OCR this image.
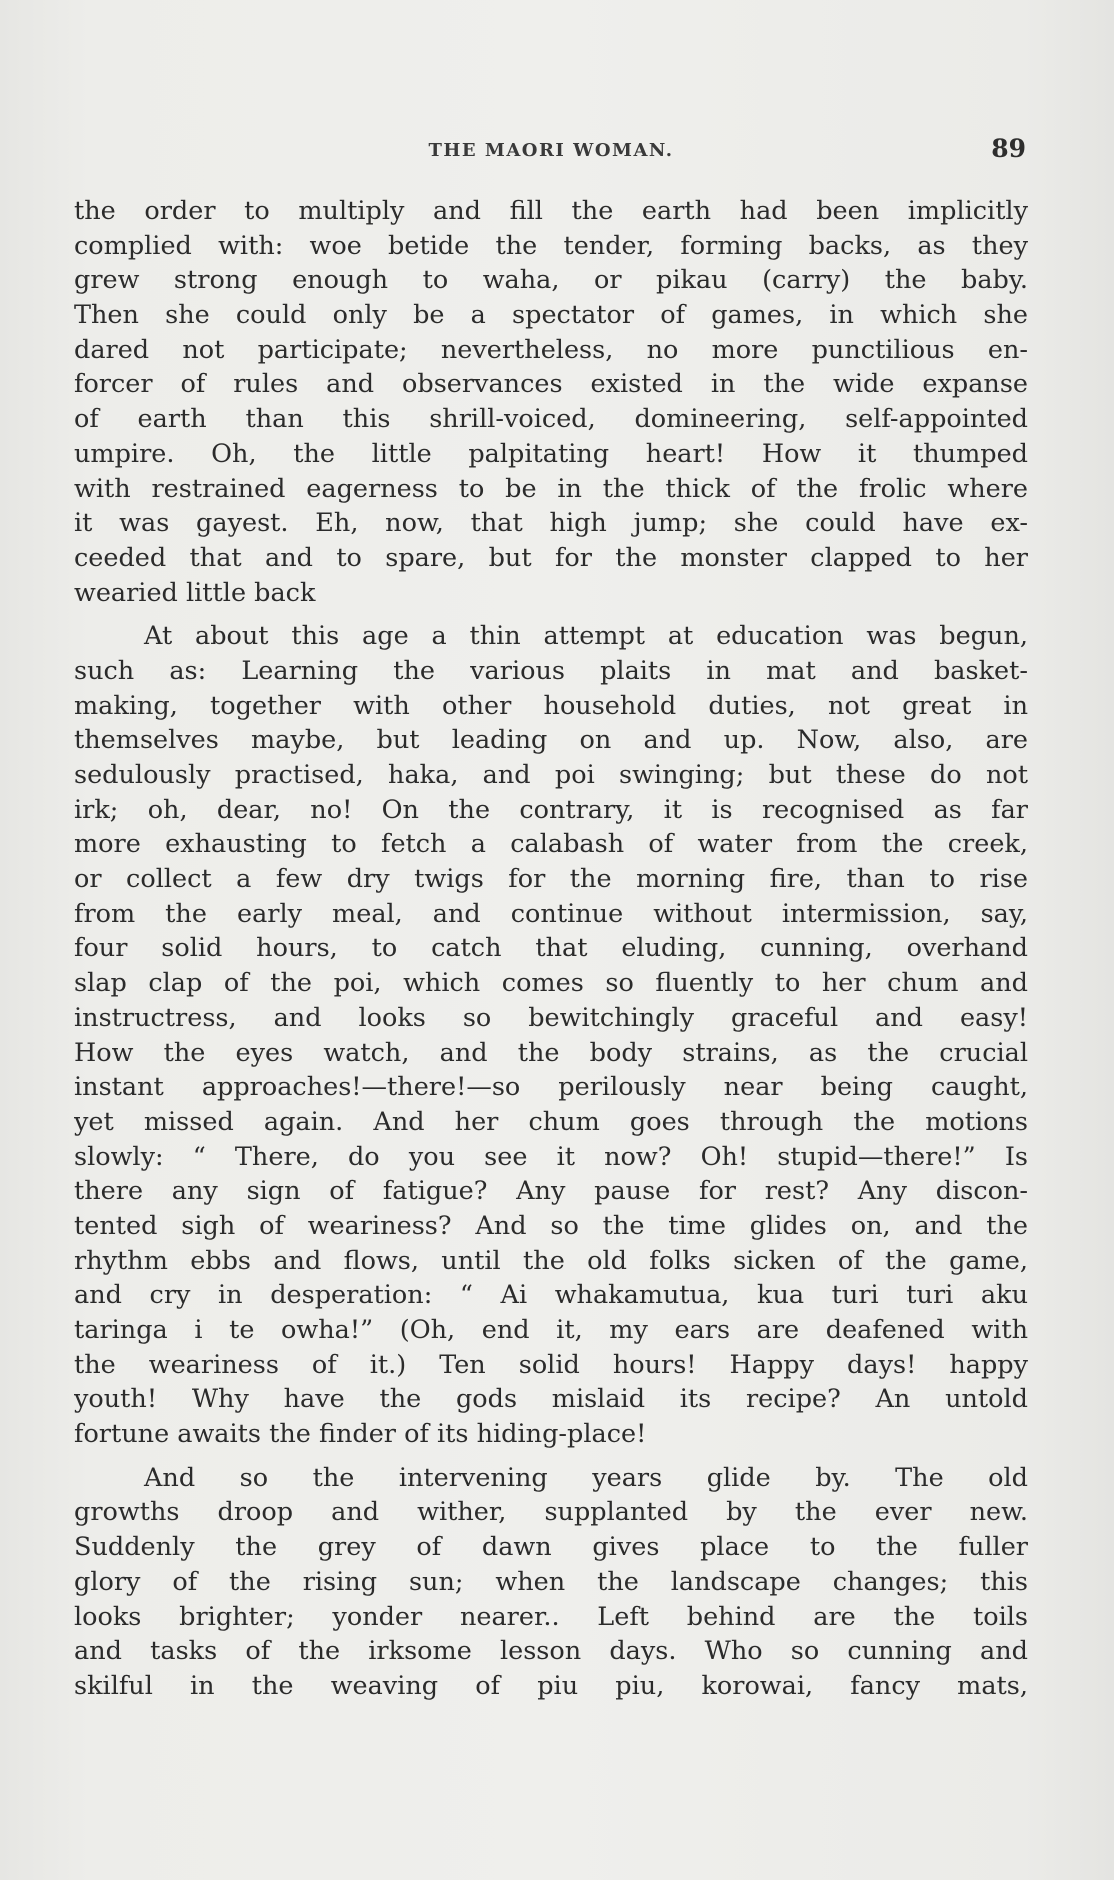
THE MAORI WOMAN.	89
the order to multiply and fill the earth had been implicitly
complied with: woe betide the tender, forming backs, as they
grew strong enough to waha, or pikau (carry) the baby.
Then she could only be a spectator of games, in which she
dared not participate; nevertheless, no more punctilious en-
forcer of rules and observances existed in the wide expanse
of earth than this shrill-voiced, domineering, self-appointed
umpire. Oh, the little palpitating heart! How it thumped
with restrained eagerness to be in the thick of the frolic where
it was gayest. Eh, now, that high jump; she could have ex-
ceeded that and to spare, but for the monster clapped to her
wearied little back
At about this age a thin attempt at education was begun,
such as: Learning the various plaits in mat and basket-
making, together with other household duties, not great in
themselves maybe, but leading on and up. Now, also, are
sedulously practised, haka, and poi swinging; but these do not
irk; oh, dear, no! On the contrary, it is recognised as far
more exhausting to fetch a calabash of water from the creek,
or collect a few dry twigs for the morning fire, than to rise
from the early meal, and continue without intermission, say,
four solid hours, to catch that eluding, cunning, overhand
slap clap of the poi, which comes so fluently to her chum and
instructress, and looks so bewitchingly graceful and easy!
How the eyes watch, and the body strains, as the crucial
instant approaches!—there!—so perilously near being caught,
yet missed again. And her chum goes through the motions
slowly: “ There, do you see it now? Oh! stupid—there!” Is
there any sign of fatigue? Any pause for rest? Any discon-
tented sigh of weariness? And so the time glides on, and the
rhythm ebbs and flows, until the old folks sicken of the game,
and cry in desperation: “ Ai whakamutua, kua turi turi aku
taringa i te owha!” (Oh, end it, my ears are deafened with
the weariness of it.) Ten solid hours! Happy days! happy
youth! Why have the gods mislaid its recipe? An untold
fortune awaits the finder of its hiding-place!
And so the intervening years glide by. The old
growths droop and wither, supplanted by the ever new.
Suddenly the grey of dawn gives place to the fuller
glory of the rising sun; when the landscape changes; this
looks brighter; yonder nearer.. Left behind are the toils
and tasks of the irksome lesson days. Who so cunning and
skilful in the weaving of piu piu, korowai, fancy mats,
